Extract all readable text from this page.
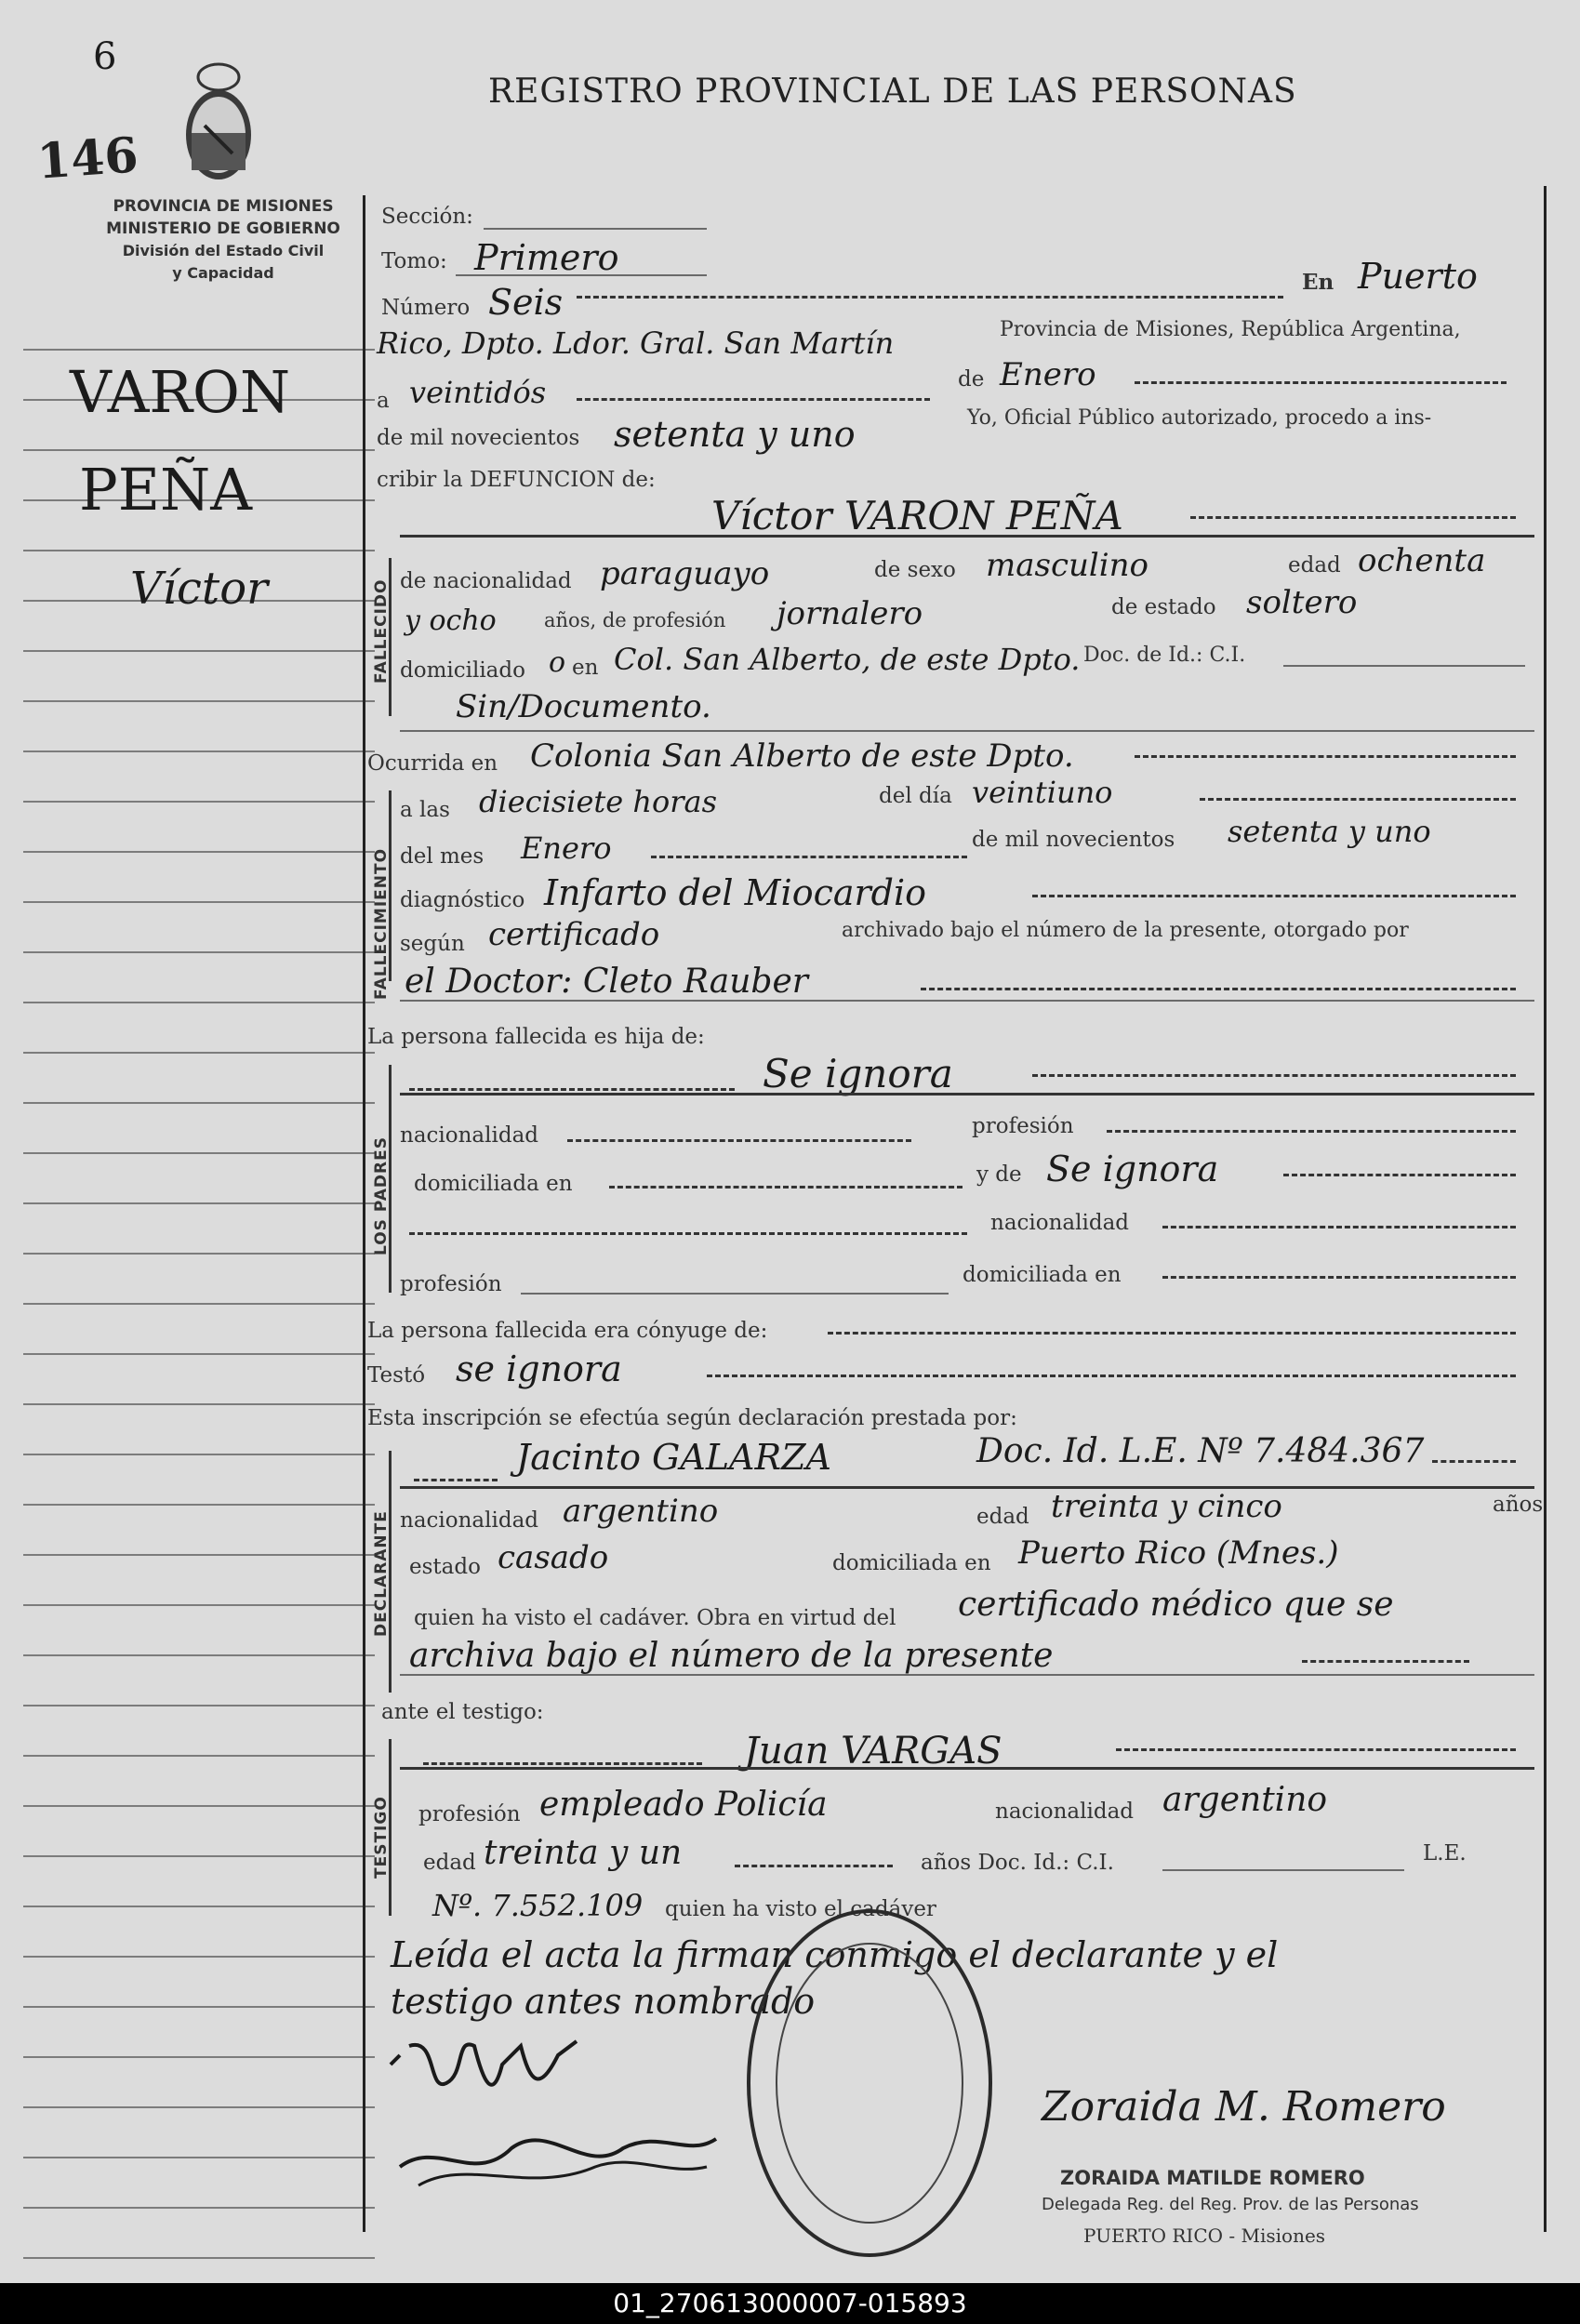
6
146
PROVINCIA DE MISIONES
MINISTERIO DE GOBIERNO
División del Estado Civil
y Capacidad
REGISTRO PROVINCIAL DE LAS PERSONAS
VARON
PEÑA
Víctor
Sección:
Tomo: Primero
Número Seis	En Puerto
Rico, Dpto. Ldor. Gral. San Martín	Provincia de Misiones, República Argentina,
a veintidós	de Enero
de mil novecientos setenta y uno	Yo, Oficial Público autorizado, procedo a ins-
cribir la DEFUNCION de:
FALLECIDO
Víctor VARON PEÑA
de nacionalidad paraguayo	de sexo masculino	edad ochenta
y ocho años, de profesión jornalero	de estado soltero
domiciliado o en Col. San Alberto, de este Dpto. Doc. de Id.: C.I.
Sin/Documento.
Ocurrida en Colonia San Alberto de este Dpto.
FALLECIMIENTO
a las diecisiete horas	del día veintiuno
del mes Enero	de mil novecientos setenta y uno
diagnóstico Infarto del Miocardio
según certificado	archivado bajo el número de la presente, otorgado por
el Doctor: Cleto Rauber
La persona fallecida es hija de:
LOS PADRES
Se ignora
nacionalidad	profesión
domiciliada en	y de Se ignora
nacionalidad
profesión	domiciliada en
La persona fallecida era cónyuge de:
Testó se ignora
Esta inscripción se efectúa según declaración prestada por:
DECLARANTE
Jacinto GALARZA	Doc. Id. L.E. Nº 7.484.367
nacionalidad argentino	edad treinta y cinco	años
estado casado	domiciliada en Puerto Rico (Mnes.)
quien ha visto el cadáver. Obra en virtud del certificado médico que se
archiva bajo el número de la presente
ante el testigo:
TESTIGO
Juan VARGAS
profesión empleado Policía	nacionalidad argentino
edad treinta y un	años Doc. Id.: C.I.	L.E.
Nº. 7.552.109 quien ha visto el cadáver
Leída el acta la firman conmigo el declarante y el
testigo antes nombrado
Zoraida M. Romero
ZORAIDA MATILDE ROMERO
Delegada Reg. del Reg. Prov. de las Personas
PUERTO RICO - Misiones
01_270613000007-015893
